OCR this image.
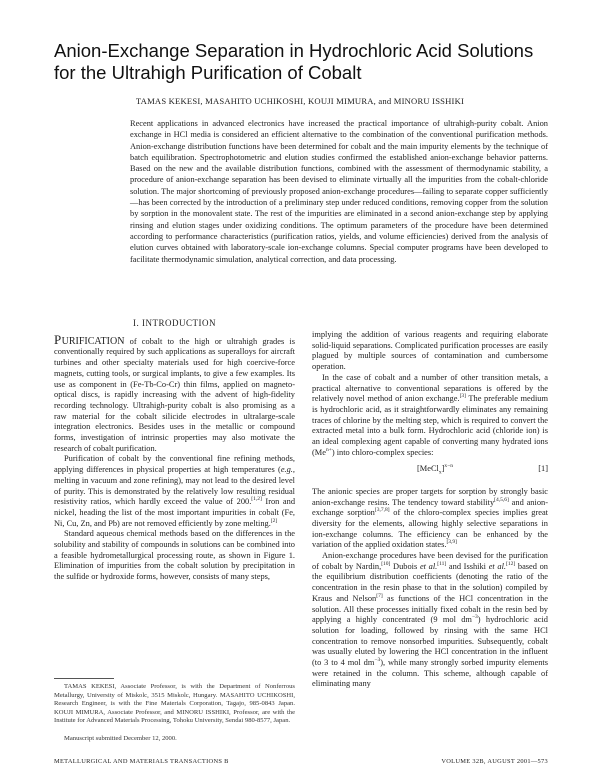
Anion-Exchange Separation in Hydrochloric Acid Solutions for the Ultrahigh Purification of Cobalt
TAMAS KEKESI, MASAHITO UCHIKOSHI, KOUJI MIMURA, and MINORU ISSHIKI

Recent applications in advanced electronics have increased the practical importance of ultrahigh-purity cobalt. Anion exchange in HCl media is considered an efficient alternative to the combination of the conventional purification methods. Anion-exchange distribution functions have been determined for cobalt and the main impurity elements by the technique of batch equilibration. Spectrophotometric and elution studies confirmed the established anion-exchange behavior patterns. Based on the new and the available distribution functions, combined with the assessment of thermodynamic stability, a procedure of anion-exchange separation has been devised to eliminate virtually all the impurities from the cobalt-chloride solution. The major shortcoming of previously proposed anion-exchange procedures—failing to separate copper sufficiently—has been corrected by the introduction of a preliminary step under reduced conditions, removing copper from the solution by sorption in the monovalent state. The rest of the impurities are eliminated in a second anion-exchange step by applying rinsing and elution stages under oxidizing conditions. The optimum parameters of the procedure have been determined according to performance characteristics (purification ratios, yields, and volume efficiencies) derived from the analysis of elution curves obtained with laboratory-scale ion-exchange columns. Special computer programs have been developed to facilitate thermodynamic simulation, analytical correction, and data processing.

I. INTRODUCTION

PURIFICATION of cobalt to the high or ultrahigh grades is conventionally required by such applications as superalloys for aircraft turbines and other specialty materials used for high coercive-force magnets, cutting tools, or surgical implants, to give a few examples. Its use as component in (Fe-Tb-Co-Cr) thin films, applied on magneto-optical discs, is rapidly increasing with the advent of high-fidelity recording technology. Ultrahigh-purity cobalt is also promising as a raw material for the cobalt silicide electrodes in ultralarge-scale integration electronics. Besides uses in the metallic or compound forms, investigation of intrinsic properties may also motivate the research of cobalt purification.

Purification of cobalt by the conventional fine refining methods, applying differences in physical properties at high temperatures (e.g., melting in vacuum and zone refining), may not lead to the desired level of purity. This is demonstrated by the relatively low resulting residual resistivity ratios, which hardly exceed the value of 200.[1,2] Iron and nickel, heading the list of the most important impurities in cobalt (Fe, Ni, Cu, Zn, and Pb) are not removed efficiently by zone melting.[2]

Standard aqueous chemical methods based on the differences in the solubility and stability of compounds in solutions can be combined into a feasible hydrometallurgical processing route, as shown in Figure 1. Elimination of impurities from the cobalt solution by precipitation in the sulfide or hydroxide forms, however, consists of many steps,

implying the addition of various reagents and requiring elaborate solid-liquid separations. Complicated purification processes are easily plagued by multiple sources of contamination and cumbersome operation.

In the case of cobalt and a number of other transition metals, a practical alternative to conventional separations is offered by the relatively novel method of anion exchange.[3] The preferable medium is hydrochloric acid, as it straightforwardly eliminates any remaining traces of chlorine by the melting step, which is required to convert the extracted metal into a bulk form. Hydrochloric acid (chloride ion) is an ideal complexing agent capable of converting many hydrated ions $(Me^{n+})$ into chloro-complex species:

[MeCl$_x$]$^{x-n}$	[1]

The anionic species are proper targets for sorption by strongly basic anion-exchange resins. The tendency toward stability[4,5,6] and anion-exchange sorption[3,7,8] of the chloro-complex species implies great diversity for the elements, allowing highly selective separations in ion-exchange columns. The efficiency can be enhanced by the variation of the applied oxidation states.[3,9]

Anion-exchange procedures have been devised for the purification of cobalt by Nardin,[10] Dubois et al.[11] and Isshiki et al.[12] based on the equilibrium distribution coefficients (denoting the ratio of the concentration in the resin phase to that in the solution) compiled by Kraus and Nelson[7] as functions of the HCl concentration in the solution. All these processes initially fixed cobalt in the resin bed by applying a highly concentrated (9 mol $dm^{-3}$) hydrochloric acid solution for loading, followed by rinsing with the same HCl concentration to remove nonsorbed impurities. Subsequently, cobalt was usually eluted by lowering the HCl concentration in the influent (to 3 to 4 mol $dm^{-3}$), while many strongly sorbed impurity elements were retained in the column. This scheme, although capable of eliminating many

TAMAS KEKESI, Associate Professor, is with the Department of Nonferrous Metallurgy, University of Miskolc, 3515 Miskolc, Hungary. MASAHITO UCHIKOSHI, Research Engineer, is with the Fine Materials Corporation, Tagajo, 985-0843 Japan. KOUJI MIMURA, Associate Professor, and MINORU ISSHIKI, Professor, are with the Institute for Advanced Materials Processing, Tohoku University, Sendai 980-8577, Japan.

Manuscript submitted December 12, 2000.
METALLURGICAL AND MATERIALS TRANSACTIONS B	VOLUME 32B, AUGUST 2001—573
